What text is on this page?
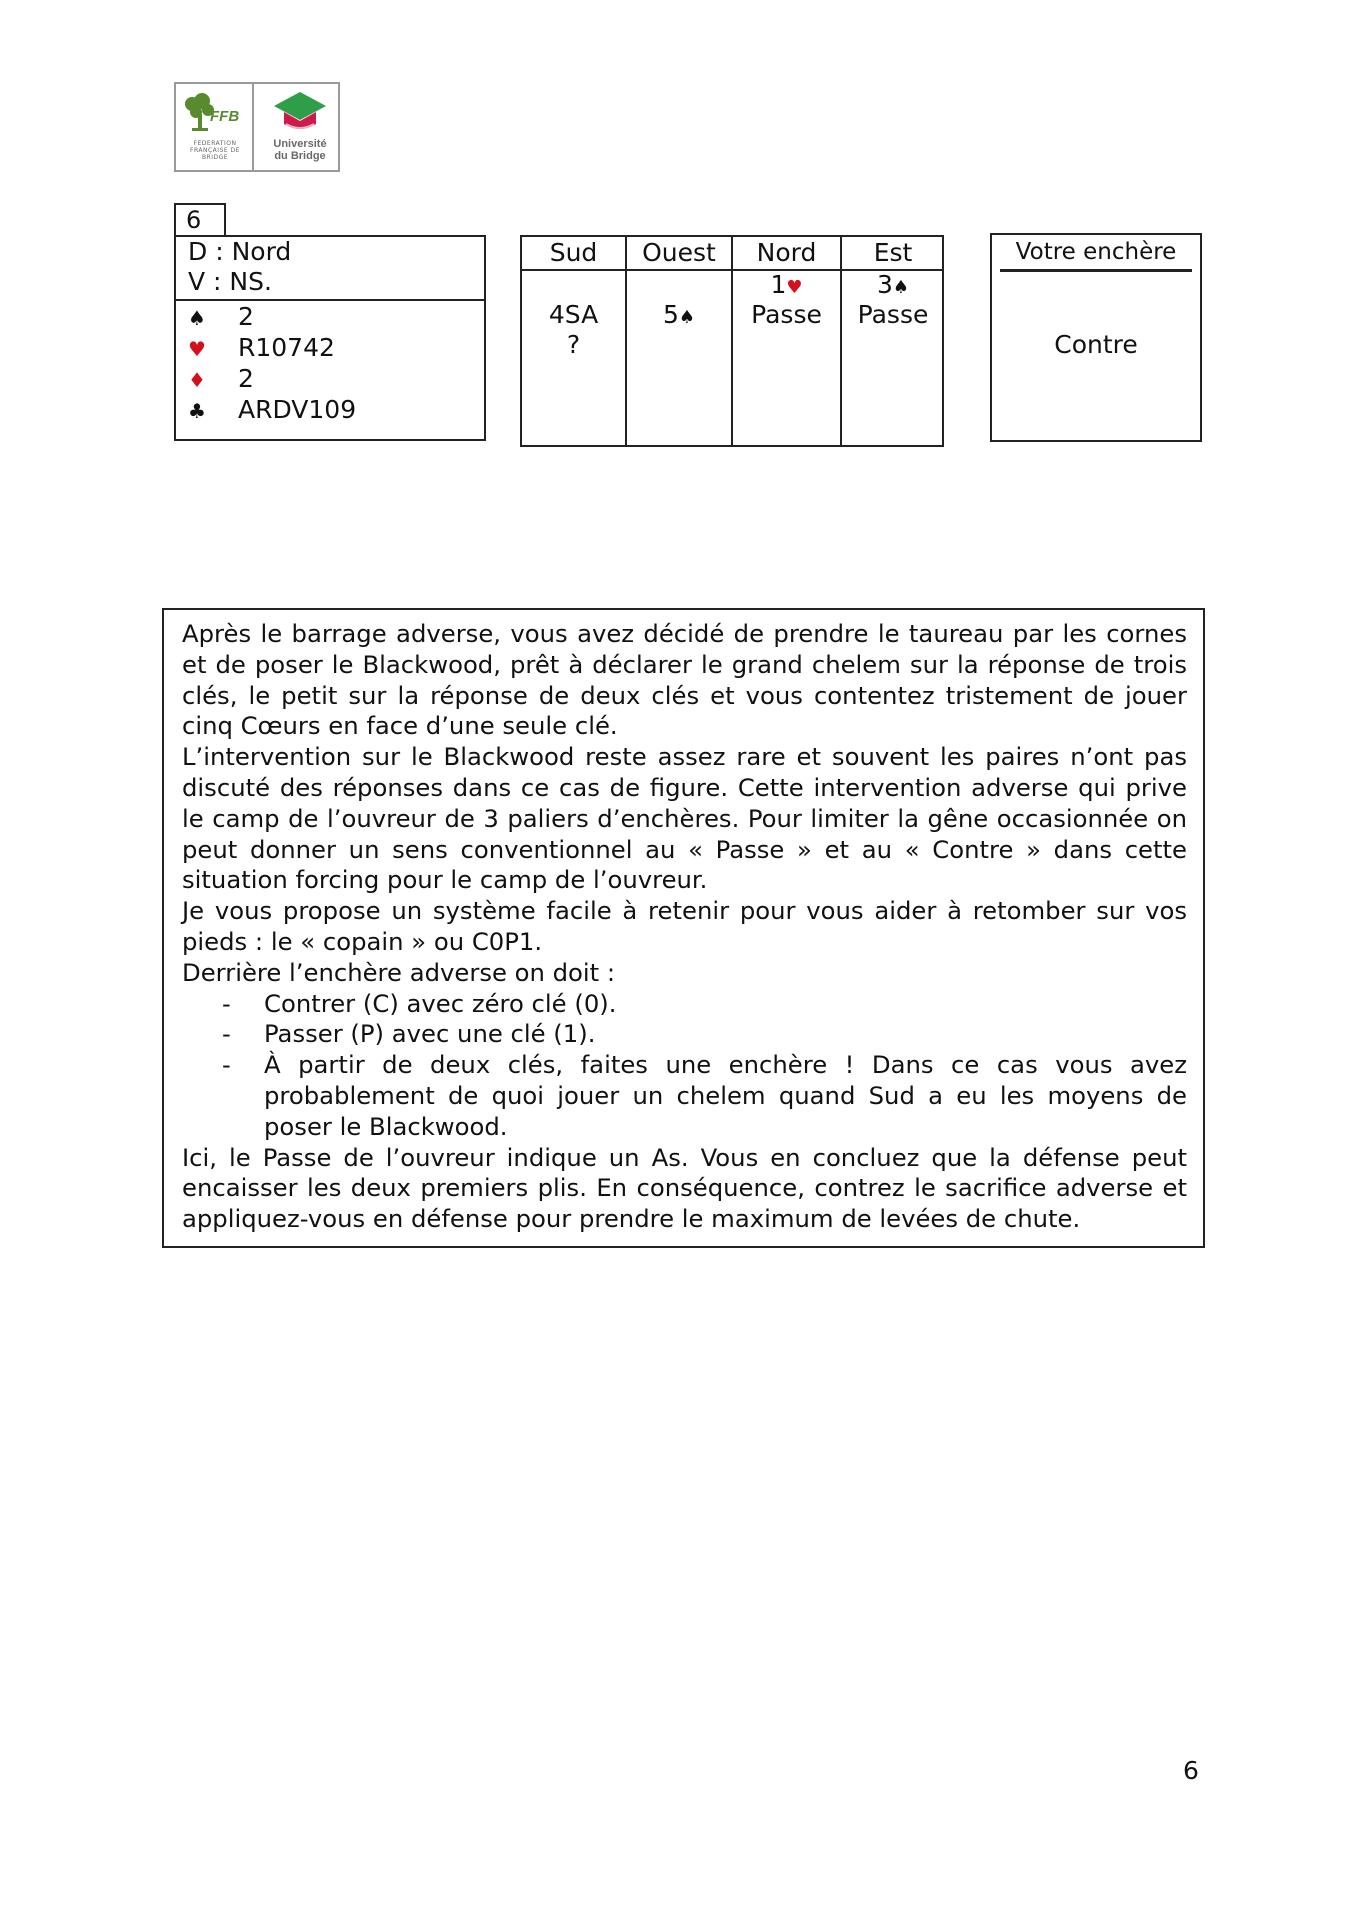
FFB
FEDERATION FRANÇAISE DE BRIDGE
Université
du Bridge
6
D : Nord
V : NS.
♠ 2
♥ R10742
♦ 2
♣ ARDV109
Sud
4SA
?
Ouest
5♠
Nord
1♥
Passe
Est
3♠
Passe
Votre enchère
Contre

Après le barrage adverse, vous avez décidé de prendre le taureau par les cornes et de poser le Blackwood, prêt à déclarer le grand chelem sur la réponse de trois clés, le petit sur la réponse de deux clés et vous contentez tristement de jouer cinq Cœurs en face d’une seule clé.

L’intervention sur le Blackwood reste assez rare et souvent les paires n’ont pas discuté des réponses dans ce cas de figure. Cette intervention adverse qui prive le camp de l’ouvreur de 3 paliers d’enchères. Pour limiter la gêne occasionnée on peut donner un sens conventionnel au « Passe » et au « Contre » dans cette situation forcing pour le camp de l’ouvreur.

Je vous propose un système facile à retenir pour vous aider à retomber sur vos pieds : le « copain » ou C0P1.

Derrière l’enchère adverse on doit :

- Contrer (C) avec zéro clé (0).
- Passer (P) avec une clé (1).
- À partir de deux clés, faites une enchère ! Dans ce cas vous avez probablement de quoi jouer un chelem quand Sud a eu les moyens de poser le Blackwood.

Ici, le Passe de l’ouvreur indique un As. Vous en concluez que la défense peut encaisser les deux premiers plis. En conséquence, contrez le sacrifice adverse et appliquez-vous en défense pour prendre le maximum de levées de chute.

6
